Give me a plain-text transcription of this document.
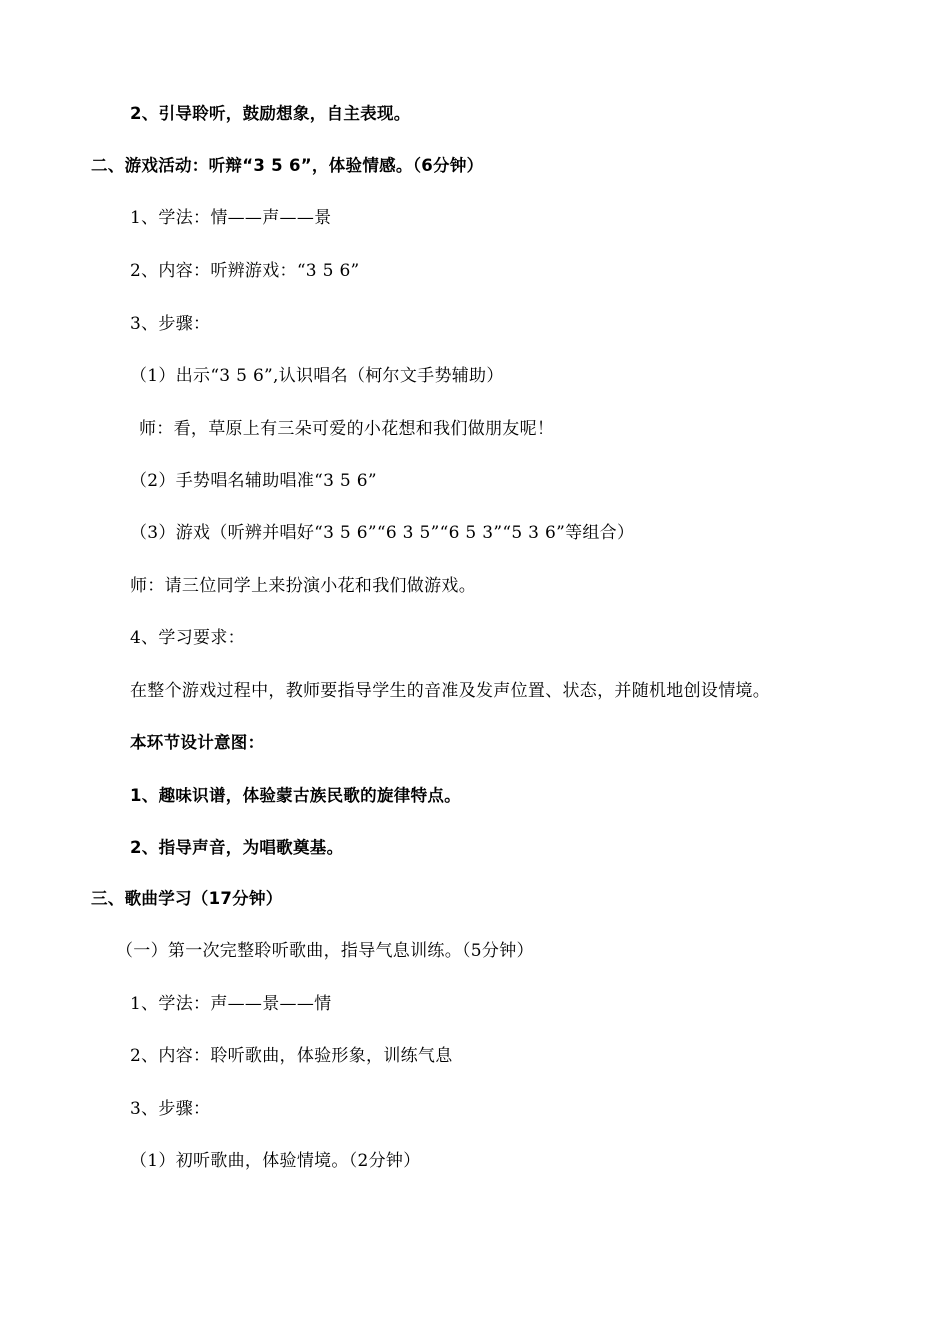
2、引导聆听，鼓励想象，自主表现。
二、游戏活动：听辩“3 5 6”，体验情感。（6分钟）
1、学法：情——声——景
2、内容：听辨游戏：“3 5 6”
3、步骤：
（1）出示“3 5 6”,认识唱名（柯尔文手势辅助）
师：看，草原上有三朵可爱的小花想和我们做朋友呢！
（2）手势唱名辅助唱准“3 5 6”
（3）游戏（听辨并唱好“3 5 6”“6 3 5”“6 5 3”“5 3 6”等组合）
师：请三位同学上来扮演小花和我们做游戏。
4、学习要求：
在整个游戏过程中，教师要指导学生的音准及发声位置、状态，并随机地创设情境。
本环节设计意图：
1、趣味识谱，体验蒙古族民歌的旋律特点。
2、指导声音，为唱歌奠基。
三、歌曲学习（17分钟）
（一）第一次完整聆听歌曲，指导气息训练。（5分钟）
1、学法：声——景——情
2、内容：聆听歌曲，体验形象，训练气息
3、步骤：
（1）初听歌曲，体验情境。（2分钟）
